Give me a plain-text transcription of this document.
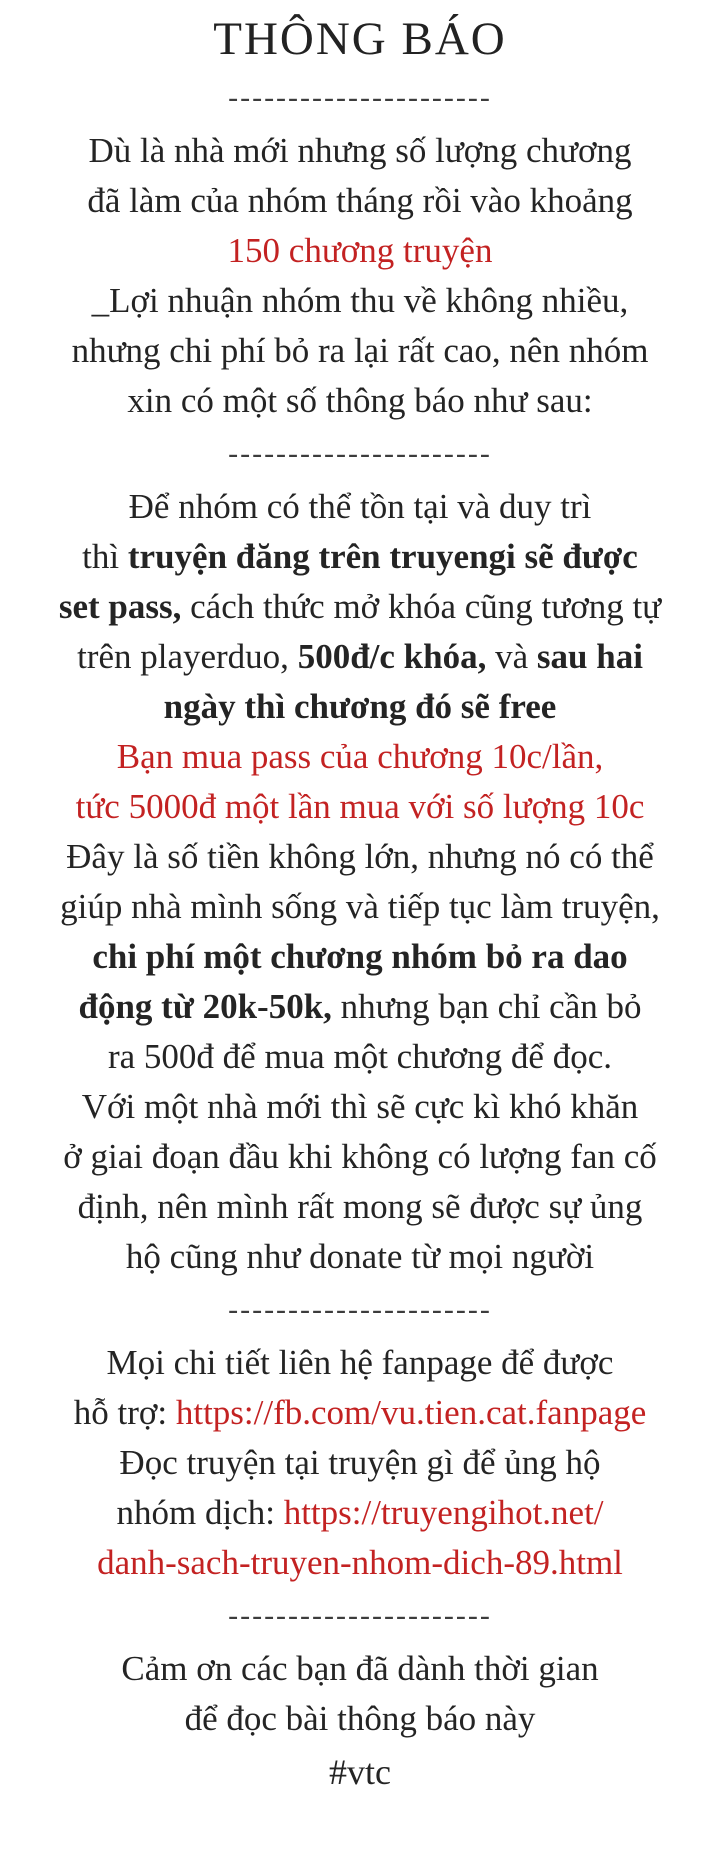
THÔNG BÁO
----------------------
Dù là nhà mới nhưng số lượng chương
đã làm của nhóm tháng rồi vào khoảng
150 chương truyện
_Lợi nhuận nhóm thu về không nhiều,
nhưng chi phí bỏ ra lại rất cao, nên nhóm
xin có một số thông báo như sau:
----------------------
Để nhóm có thể tồn tại và duy trì
thì truyện đăng trên truyengi sẽ được
set pass, cách thức mở khóa cũng tương tự
trên playerduo, 500đ/c khóa, và sau hai
ngày thì chương đó sẽ free
Bạn mua pass của chương 10c/lần,
tức 5000đ một lần mua với số lượng 10c
Đây là số tiền không lớn, nhưng nó có thể
giúp nhà mình sống và tiếp tục làm truyện,
chi phí một chương nhóm bỏ ra dao
động từ 20k-50k, nhưng bạn chỉ cần bỏ
ra 500đ để mua một chương để đọc.
Với một nhà mới thì sẽ cực kì khó khăn
ở giai đoạn đầu khi không có lượng fan cố
định, nên mình rất mong sẽ được sự ủng
hộ cũng như donate từ mọi người
----------------------
Mọi chi tiết liên hệ fanpage để được
hỗ trợ: https://fb.com/vu.tien.cat.fanpage
Đọc truyện tại truyện gì để ủng hộ
nhóm dịch: https://truyengihot.net/
danh-sach-truyen-nhom-dich-89.html
----------------------
Cảm ơn các bạn đã dành thời gian
để đọc bài thông báo này
#vtc
